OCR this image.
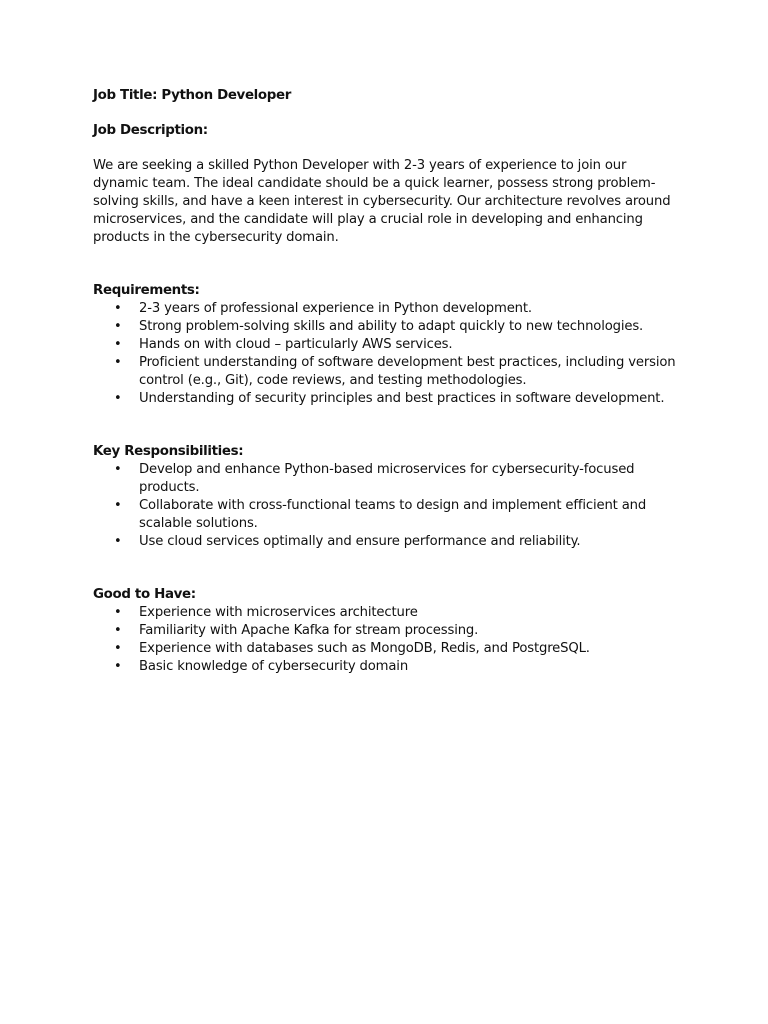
Job Title: Python Developer

Job Description:

We are seeking a skilled Python Developer with 2-3 years of experience to join our dynamic team. The ideal candidate should be a quick learner, possess strong problem-solving skills, and have a keen interest in cybersecurity. Our architecture revolves around microservices, and the candidate will play a crucial role in developing and enhancing products in the cybersecurity domain.

Requirements:

• 2-3 years of professional experience in Python development.
• Strong problem-solving skills and ability to adapt quickly to new technologies.
• Hands on with cloud – particularly AWS services.
• Proficient understanding of software development best practices, including version control (e.g., Git), code reviews, and testing methodologies.
• Understanding of security principles and best practices in software development.

Key Responsibilities:

• Develop and enhance Python-based microservices for cybersecurity-focused products.
• Collaborate with cross-functional teams to design and implement efficient and scalable solutions.
• Use cloud services optimally and ensure performance and reliability.

Good to Have:

• Experience with microservices architecture
• Familiarity with Apache Kafka for stream processing.
• Experience with databases such as MongoDB, Redis, and PostgreSQL.
• Basic knowledge of cybersecurity domain
